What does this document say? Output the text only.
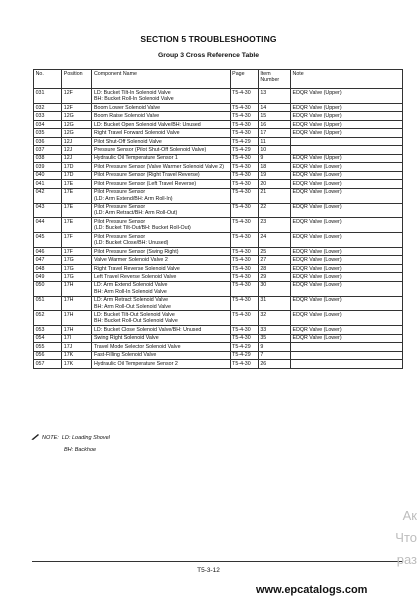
SECTION 5 TROUBLESHOOTING
Group 3 Cross Reference Table
No.	Position	Component Name	Page	Item Number	Note
031	12F	LD: Bucket Tilt-In Solenoid Valve
BH: Bucket Roll-In Solenoid Valve	T5-4-30	13	EDQR Valve (Upper)
032	12F	Boom Lower Solenoid Valve	T5-4-30	14	EDQR Valve (Upper)
033	12G	Boom Raise Solenoid Valve	T5-4-30	15	EDQR Valve (Upper)
034	12G	LD: Bucket Open Solenoid Valve/BH: Unused	T5-4-30	16	EDQR Valve (Upper)
035	12G	Right Travel Forward Solenoid Valve	T5-4-30	17	EDQR Valve (Upper)
036	12J	Pilot Shut-Off Solenoid Valve	T5-4-29	11	
037	12J	Pressure Sensor (Pilot Shut-Off Solenoid Valve)	T5-4-29	10	
038	12J	Hydraulic Oil Temperature Sensor 1	T5-4-30	9	EDQR Valve (Upper)
039	17D	Pilot Pressure Sensor (Valve Warmer Solenoid Valve 2)	T5-4-30	18	EDQR Valve (Lower)
040	17D	Pilot Pressure Sensor (Right Travel Reverse)	T5-4-30	19	EDQR Valve (Lower)
041	17E	Pilot Pressure Sensor (Left Travel Reverse)	T5-4-30	20	EDQR Valve (Lower)
042	17E	Pilot Pressure Sensor
(LD: Arm Extend/BH: Arm Roll-In)	T5-4-30	21	EDQR Valve (Lower)
043	17E	Pilot Pressure Sensor
(LD: Arm Retract/BH: Arm Roll-Out)	T5-4-30	22	EDQR Valve (Lower)
044	17E	Pilot Pressure Sensor
(LD: Bucket Tilt-Out/BH: Bucket Roll-Out)	T5-4-30	23	EDQR Valve (Lower)
045	17F	Pilot Pressure Sensor
(LD: Bucket Close/BH: Unused)	T5-4-30	24	EDQR Valve (Lower)
046	17F	Pilot Pressure Sensor (Swing Right)	T5-4-30	25	EDQR Valve (Lower)
047	17G	Valve Warmer Solenoid Valve 2	T5-4-30	27	EDQR Valve (Lower)
048	17G	Right Travel Reverse Solenoid Valve	T5-4-30	28	EDQR Valve (Lower)
049	17G	Left Travel Reverse Solenoid Valve	T5-4-30	29	EDQR Valve (Lower)
050	17H	LD: Arm Extend Solenoid Valve
BH: Arm Roll-In Solenoid Valve	T5-4-30	30	EDQR Valve (Lower)
051	17H	LD: Arm Retract Solenoid Valve
BH: Arm Roll-Out Solenoid Valve	T5-4-30	31	EDQR Valve (Lower)
052	17H	LD: Bucket Tilt-Out Solenoid Valve
BH: Bucket Roll-Out Solenoid Valve	T5-4-30	32	EDQR Valve (Lower)
053	17H	LD: Bucket Close Solenoid Valve/BH: Unused	T5-4-30	33	EDQR Valve (Lower)
054	17I	Swing Right Solenoid Valve	T5-4-30	35	EDQR Valve (Lower)
055	17J	Travel Mode Selector Solenoid Valve	T5-4-29	9	
056	17K	Fast-Filling Solenoid Valve	T5-4-29	7	
057	17K	Hydraulic Oil Temperature Sensor 2	T5-4-30	26	
NOTE: LD: Loading Shovel
BH: Backhoe
T5-3-12
www.epcatalogs.com
Ак
Что
раз
